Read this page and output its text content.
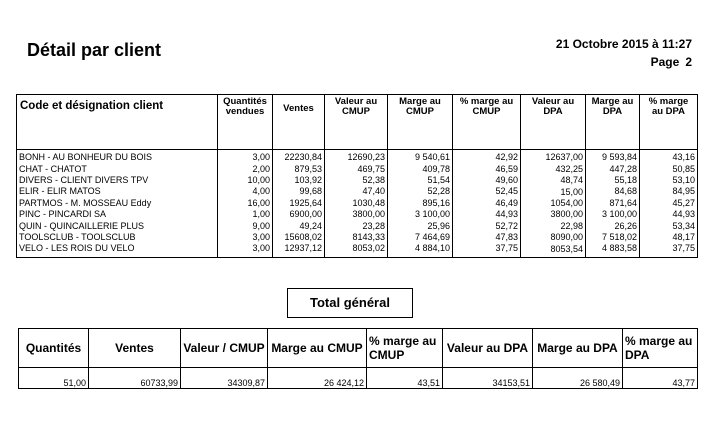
Détail par client	21 Octobre 2015 à 11:27
Page 2
Code et désignation client	Quantités vendues	Ventes	Valeur au CMUP	Marge au CMUP	% marge au CMUP	Valeur au DPA	Marge au DPA	% marge au DPA
BONH - AU BONHEUR DU BOIS	3,00	22230,84	12690,23	9 540,61	42,92	12637,00	9 593,84	43,16
CHAT - CHATOT	2,00	879,53	469,75	409,78	46,59	432,25	447,28	50,85
DIVERS - CLIENT DIVERS TPV	10,00	103,92	52,38	51,54	49,60	48,74	55,18	53,10
ELIR - ELIR MATOS	4,00	99,68	47,40	52,28	52,45	15,00	84,68	84,95
PARTMOS - M. MOSSEAU Eddy	16,00	1925,64	1030,48	895,16	46,49	1054,00	871,64	45,27
PINC - PINCARDI SA	1,00	6900,00	3800,00	3 100,00	44,93	3800,00	3 100,00	44,93
QUIN - QUINCAILLERIE PLUS	9,00	49,24	23,28	25,96	52,72	22,98	26,26	53,34
TOOLSCLUB - TOOLSCLUB	3,00	15608,02	8143,33	7 464,69	47,83	8090,00	7 518,02	48,17
VELO - LES ROIS DU VELO	3,00	12937,12	8053,02	4 884,10	37,75	8053,54	4 883,58	37,75
Total général
Quantités	Ventes	Valeur / CMUP	Marge au CMUP	% marge au CMUP	Valeur au DPA	Marge au DPA	% marge au DPA
51,00	60733,99	34309,87	26 424,12	43,51	34153,51	26 580,49	43,77
